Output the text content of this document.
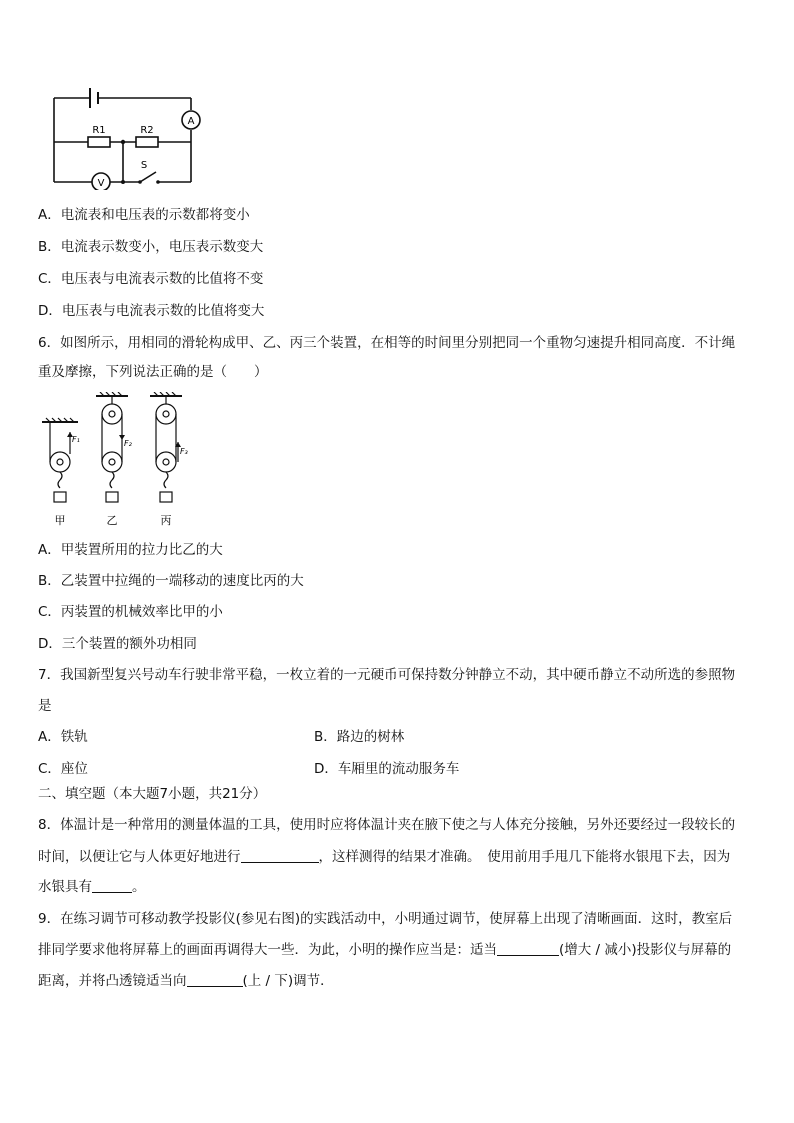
A
V
R1	R2
S
A．电流表和电压表的示数都将变小
B．电流表示数变小，电压表示数变大
C．电压表与电流表示数的比值将不变
D．电压表与电流表示数的比值将变大
6．如图所示，用相同的滑轮构成甲、乙、丙三个装置，在相等的时间里分别把同一个重物匀速提升相同高度．不计绳
重及摩擦，下列说法正确的是（　　）
F₁	F₂
F₃
甲	乙	丙
A．甲装置所用的拉力比乙的大
B．乙装置中拉绳的一端移动的速度比丙的大
C．丙装置的机械效率比甲的小
D．三个装置的额外功相同
7．我国新型复兴号动车行驶非常平稳，一枚立着的一元硬币可保持数分钟静立不动，其中硬币静立不动所选的参照物
是
A．铁轨	B．路边的树林
C．座位	D．车厢里的流动服务车
二、填空题（本大题7小题，共21分）
8．体温计是一种常用的测量体温的工具，使用时应将体温计夹在腋下使之与人体充分接触，另外还要经过一段较长的
时间，以便让它与人体更好地进行	，这样测得的结果才准确。　使用前用手甩几下能将水银甩下去，因为
水银具有	。
9．在练习调节可移动教学投影仪(参见右图)的实践活动中，小明通过调节，使屏幕上出现了清晰画面．这时，教室后
排同学要求他将屏幕上的画面再调得大一些．为此，小明的操作应当是：适当	(增大 / 减小)投影仪与屏幕的
距离，并将凸透镜适当向	(上 / 下)调节．
